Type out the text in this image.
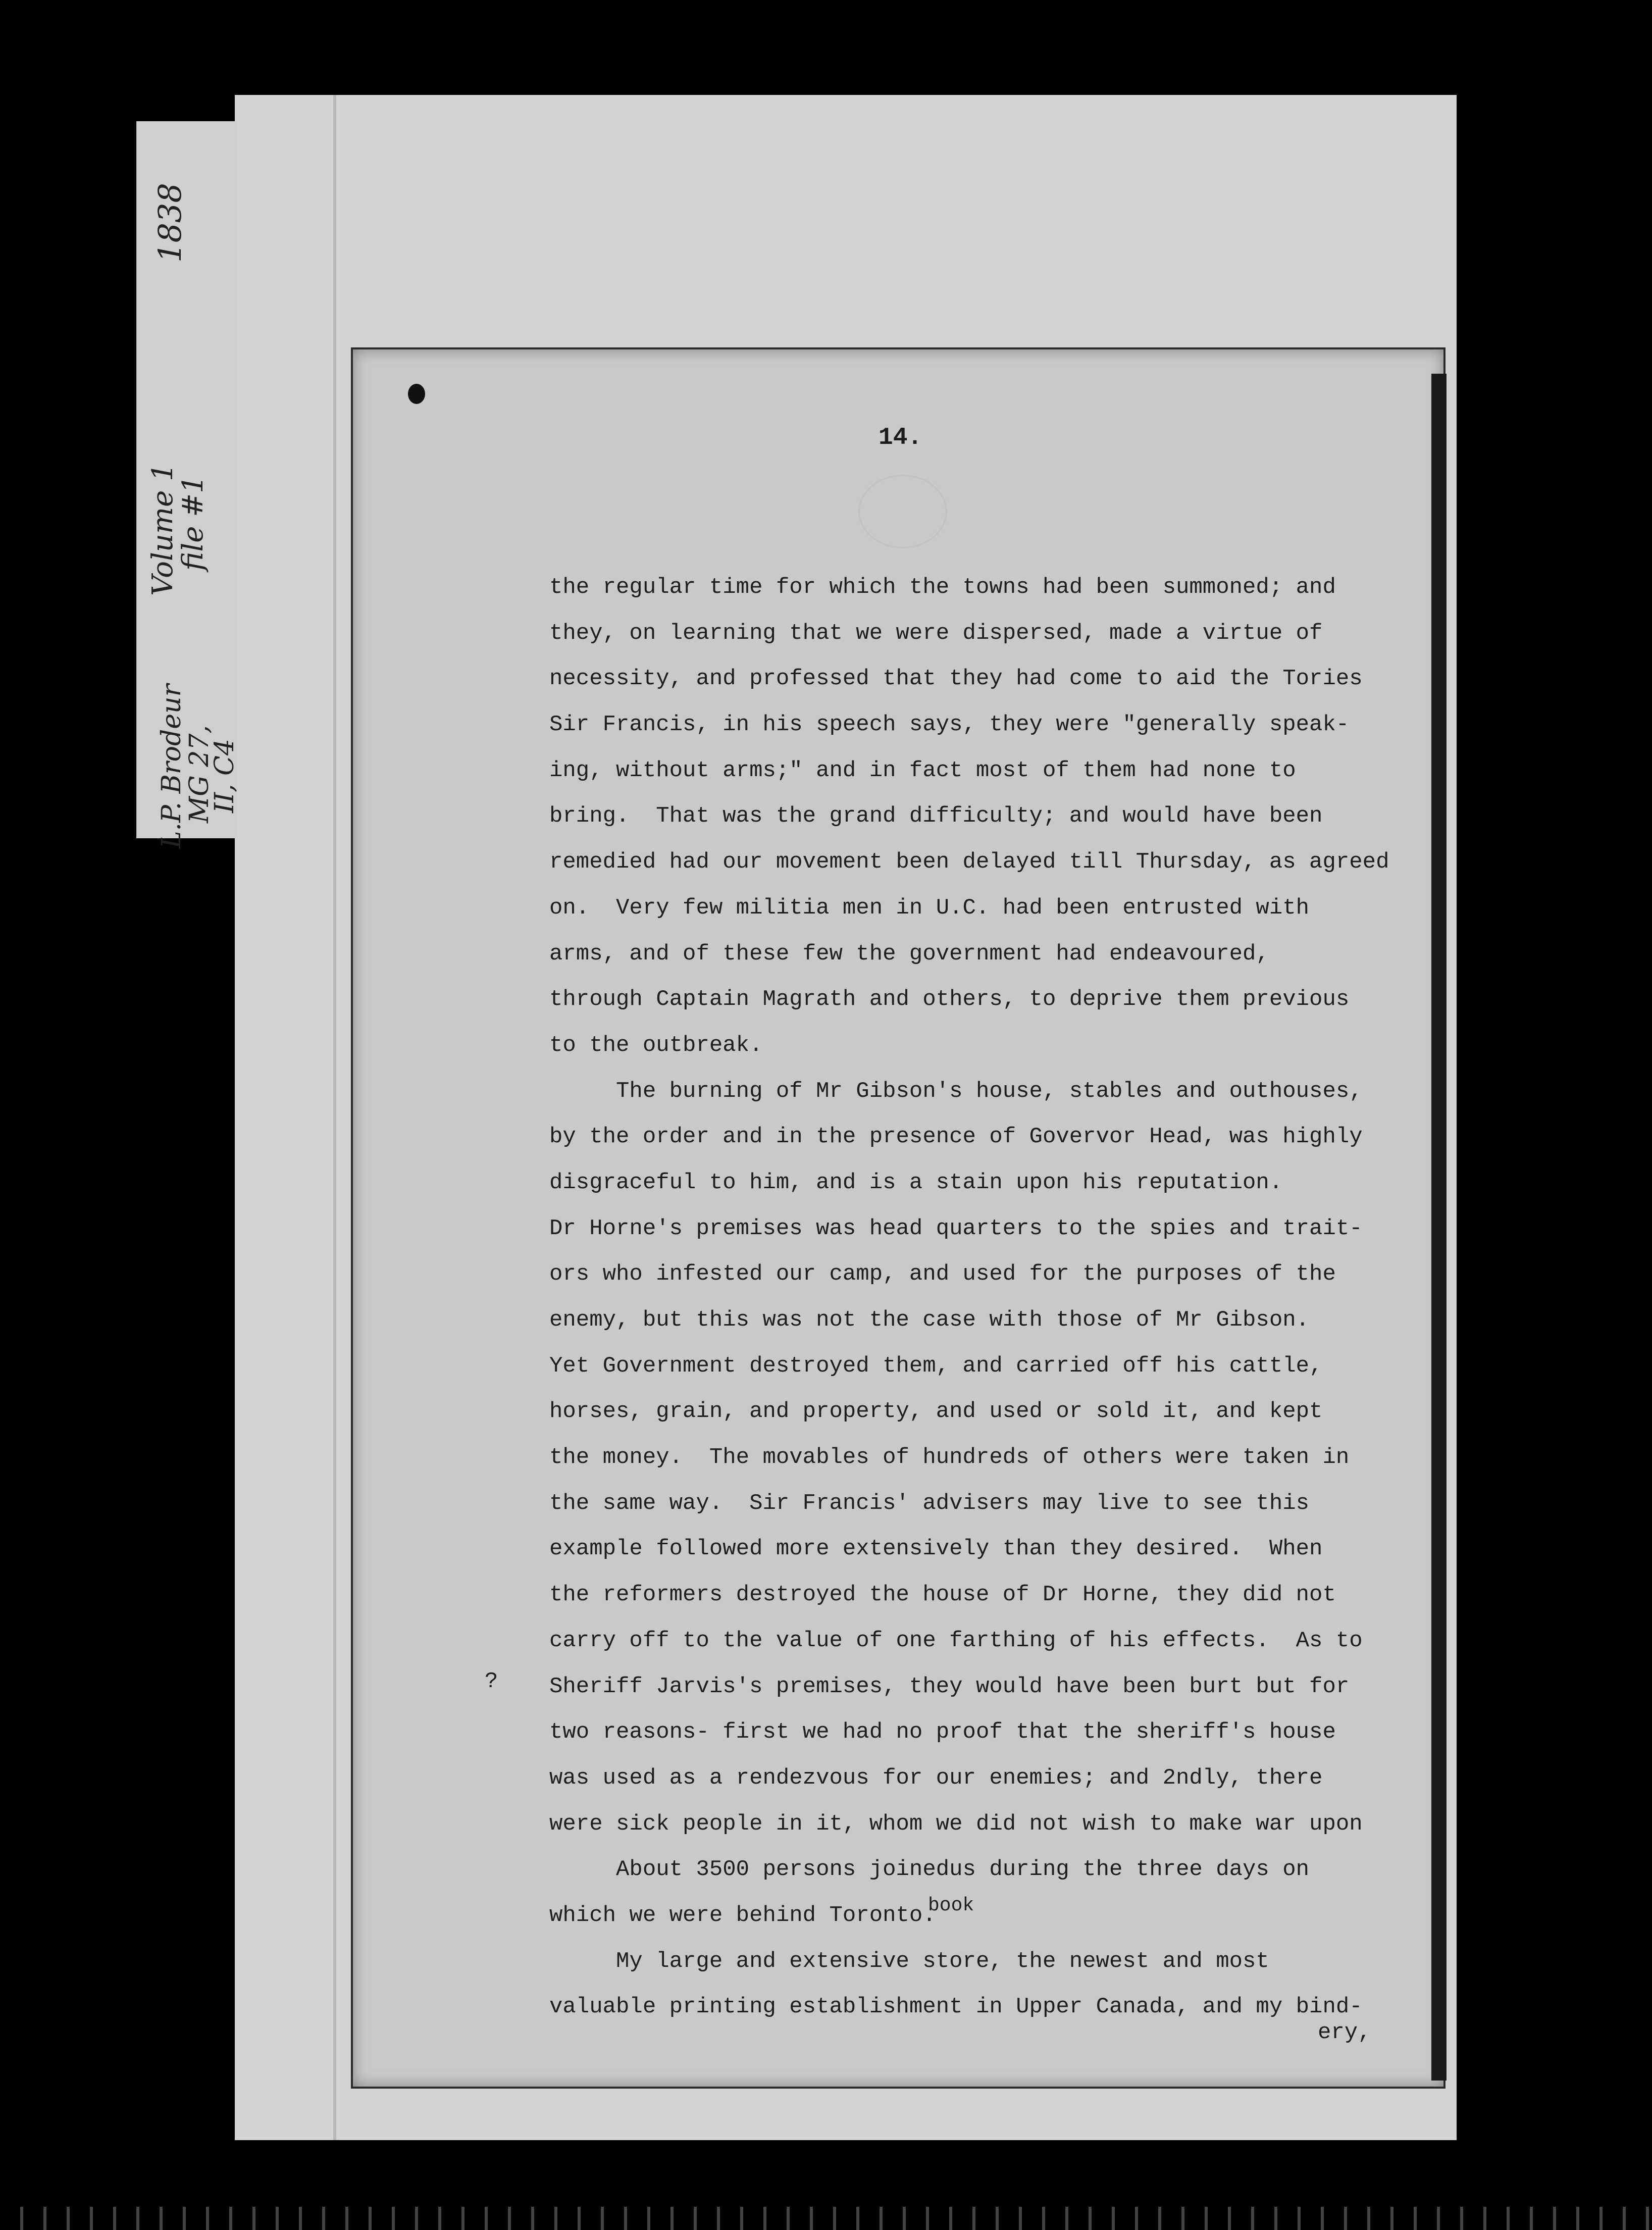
1838
Volume 1
file #1
L.P. Brodeur
MG 27,
II, C4
14.
the regular time for which the towns had been summoned; and
they, on learning that we were dispersed, made a virtue of
necessity, and professed that they had come to aid the Tories
Sir Francis, in his speech says, they were "generally speak-
ing, without arms;" and in fact most of them had none to
bring.  That was the grand difficulty; and would have been
remedied had our movement been delayed till Thursday, as agreed
on.  Very few militia men in U.C. had been entrusted with
arms, and of these few the government had endeavoured,
through Captain Magrath and others, to deprive them previous
to the outbreak.
The burning of Mr Gibson's house, stables and outhouses,
by the order and in the presence of Govervor Head, was highly
disgraceful to him, and is a stain upon his reputation.
Dr Horne's premises was head quarters to the spies and trait-
ors who infested our camp, and used for the purposes of the
enemy, but this was not the case with those of Mr Gibson.
Yet Government destroyed them, and carried off his cattle,
horses, grain, and property, and used or sold it, and kept
the money.  The movables of hundreds of others were taken in
the same way.  Sir Francis' advisers may live to see this
example followed more extensively than they desired.  When
the reformers destroyed the house of Dr Horne, they did not
carry off to the value of one farthing of his effects.  As to
Sheriff Jarvis's premises, they would have been burt but for
two reasons- first we had no proof that the sheriff's house
was used as a rendezvous for our enemies; and 2ndly, there
were sick people in it, whom we did not wish to make war upon
About 3500 persons joinedus during the three days on
which we were behind Toronto.
My large and extensive store, the newest and most
valuable printing establishment in Upper Canada, and my bind-
?
book
ery,
